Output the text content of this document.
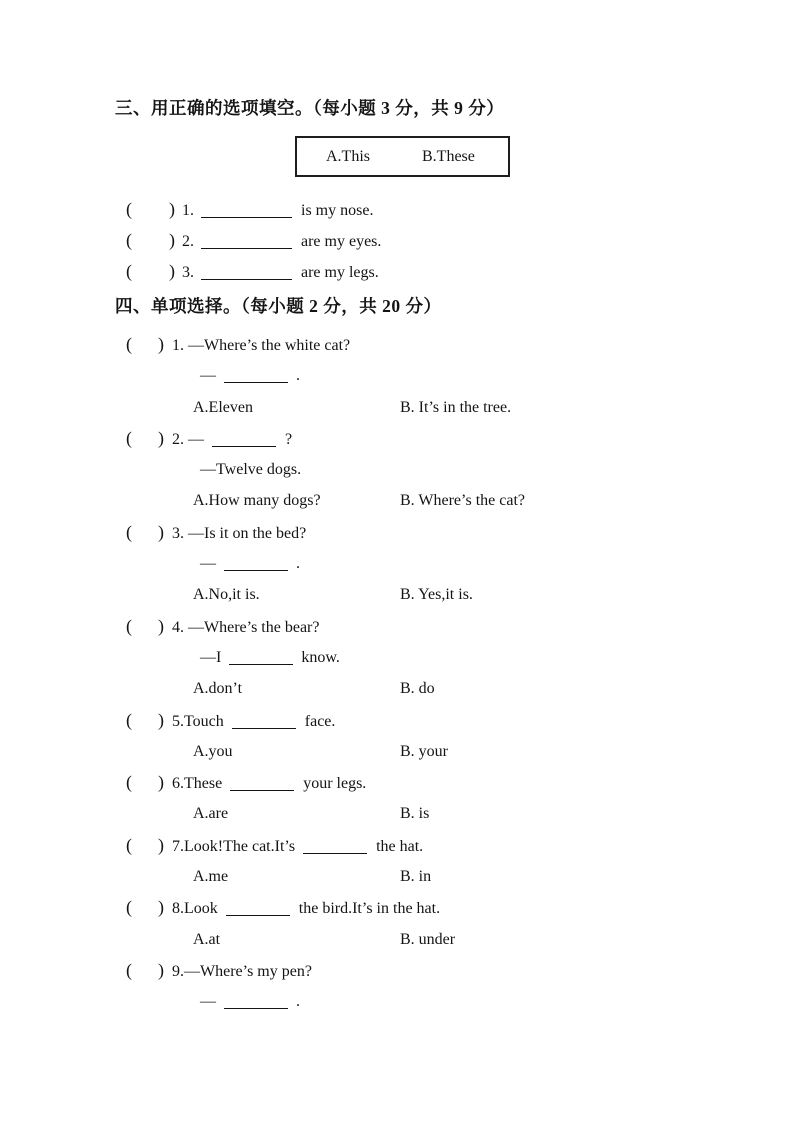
三、用正确的选项填空。（每小题 3 分，共 9 分）
A.This	B.These
( ) 1.	is my nose.
( ) 2.	are my eyes.
( ) 3.	are my legs.
四、单项选择。（每小题 2 分，共 20 分）
( ) 1. —Where’s the white cat?
—	.
A.Eleven	B. It’s in the tree.
( ) 2. —	?
—Twelve dogs.
A.How many dogs?	B. Where’s the cat?
( ) 3. —Is it on the bed?
—	.
A.No,it is.	B. Yes,it is.
( ) 4. —Where’s the bear?
—I	know.
A.don’t	B. do
( ) 5.Touch	face.
A.you	B. your
( ) 6.These	your legs.
A.are	B. is
( ) 7.Look!The cat.It’s	the hat.
A.me	B. in
( ) 8.Look	the bird.It’s in the hat.
A.at	B. under
( ) 9.—Where’s my pen?
—	.
